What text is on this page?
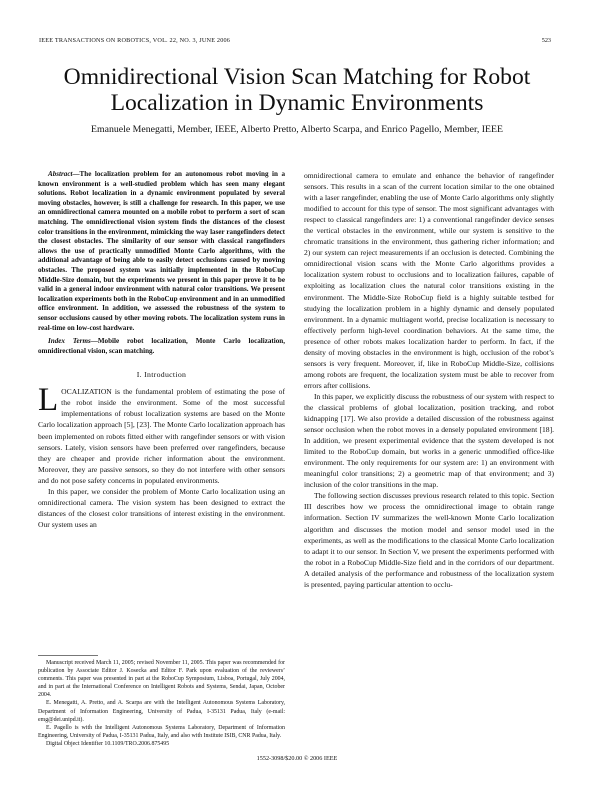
IEEE TRANSACTIONS ON ROBOTICS, VOL. 22, NO. 3, JUNE 2006	523
Omnidirectional Vision Scan Matching for Robot
Localization in Dynamic Environments
Emanuele Menegatti, Member, IEEE, Alberto Pretto, Alberto Scarpa, and Enrico Pagello, Member, IEEE

Abstract—The localization problem for an autonomous robot moving in a known environment is a well-studied problem which has seen many elegant solutions. Robot localization in a dynamic environment populated by several moving obstacles, however, is still a challenge for research. In this paper, we use an omnidirectional camera mounted on a mobile robot to perform a sort of scan matching. The omnidirectional vision system finds the distances of the closest color transitions in the environment, mimicking the way laser rangefinders detect the closest obstacles. The similarity of our sensor with classical rangefinders allows the use of practically unmodified Monte Carlo algorithms, with the additional advantage of being able to easily detect occlusions caused by moving obstacles. The proposed system was initially implemented in the RoboCup Middle-Size domain, but the experiments we present in this paper prove it to be valid in a general indoor environment with natural color transitions. We present localization experiments both in the RoboCup environment and in an unmodified office environment. In addition, we assessed the robustness of the system to sensor occlusions caused by other moving robots. The localization system runs in real-time on low-cost hardware.

Index Terms—Mobile robot localization, Monte Carlo localization, omnidirectional vision, scan matching.

I. Introduction

LOCALIZATION is the fundamental problem of estimating the pose of the robot inside the environment. Some of the most successful implementations of robust localization systems are based on the Monte Carlo localization approach [5], [23]. The Monte Carlo localization approach has been implemented on robots fitted either with rangefinder sensors or with vision sensors. Lately, vision sensors have been preferred over rangefinders, because they are cheaper and provide richer information about the environment. Moreover, they are passive sensors, so they do not interfere with other sensors and do not pose safety concerns in populated environments.

In this paper, we consider the problem of Monte Carlo localization using an omnidirectional camera. The vision system has been designed to extract the distances of the closest color transitions of interest existing in the environment. Our system uses an

Manuscript received March 11, 2005; revised November 11, 2005. This paper was recommended for publication by Associate Editor J. Kosecka and Editor F. Park upon evaluation of the reviewers’ comments. This paper was presented in part at the RoboCup Symposium, Lisboa, Portugal, July 2004, and in part at the International Conference on Intelligent Robots and Systems, Sendai, Japan, October 2004.

E. Menegatti, A. Pretto, and A. Scarpa are with the Intelligent Autonomous Systems Laboratory, Department of Information Engineering, University of Padua, I-35131 Padua, Italy (e-mail: emg@dei.unipd.it).

E. Pagello is with the Intelligent Autonomous Systems Laboratory, Department of Information Engineering, University of Padua, I-35131 Padua, Italy, and also with Institute ISIB, CNR Padua, Italy.

Digital Object Identifier 10.1109/TRO.2006.875495

omnidirectional camera to emulate and enhance the behavior of rangefinder sensors. This results in a scan of the current location similar to the one obtained with a laser rangefinder, enabling the use of Monte Carlo algorithms only slightly modified to account for this type of sensor. The most significant advantages with respect to classical rangefinders are: 1) a conventional rangefinder device senses the vertical obstacles in the environment, while our system is sensitive to the chromatic transitions in the environment, thus gathering richer information; and 2) our system can reject measurements if an occlusion is detected. Combining the omnidirectional vision scans with the Monte Carlo algorithms provides a localization system robust to occlusions and to localization failures, capable of exploiting as localization clues the natural color transitions existing in the environment. The Middle-Size RoboCup field is a highly suitable testbed for studying the localization problem in a highly dynamic and densely populated environment. In a dynamic multiagent world, precise localization is necessary to effectively perform high-level coordination behaviors. At the same time, the presence of other robots makes localization harder to perform. In fact, if the density of moving obstacles in the environment is high, occlusion of the robot’s sensors is very frequent. Moreover, if, like in RoboCup Middle-Size, collisions among robots are frequent, the localization system must be able to recover from errors after collisions.

In this paper, we explicitly discuss the robustness of our system with respect to the classical problems of global localization, position tracking, and robot kidnapping [17]. We also provide a detailed discussion of the robustness against sensor occlusion when the robot moves in a densely populated environment [18]. In addition, we present experimental evidence that the system developed is not limited to the RoboCup domain, but works in a generic unmodified office-like environment. The only requirements for our system are: 1) an environment with meaningful color transitions; 2) a geometric map of that environment; and 3) inclusion of the color transitions in the map.

The following section discusses previous research related to this topic. Section III describes how we process the omnidirectional image to obtain range information. Section IV summarizes the well-known Monte Carlo localization algorithm and discusses the motion model and sensor model used in the experiments, as well as the modifications to the classical Monte Carlo localization to adapt it to our sensor. In Section V, we present the experiments performed with the robot in a RoboCup Middle-Size field and in the corridors of our department. A detailed analysis of the performance and robustness of the localization system is presented, paying particular attention to occlu-

1552-3098/$20.00 © 2006 IEEE
